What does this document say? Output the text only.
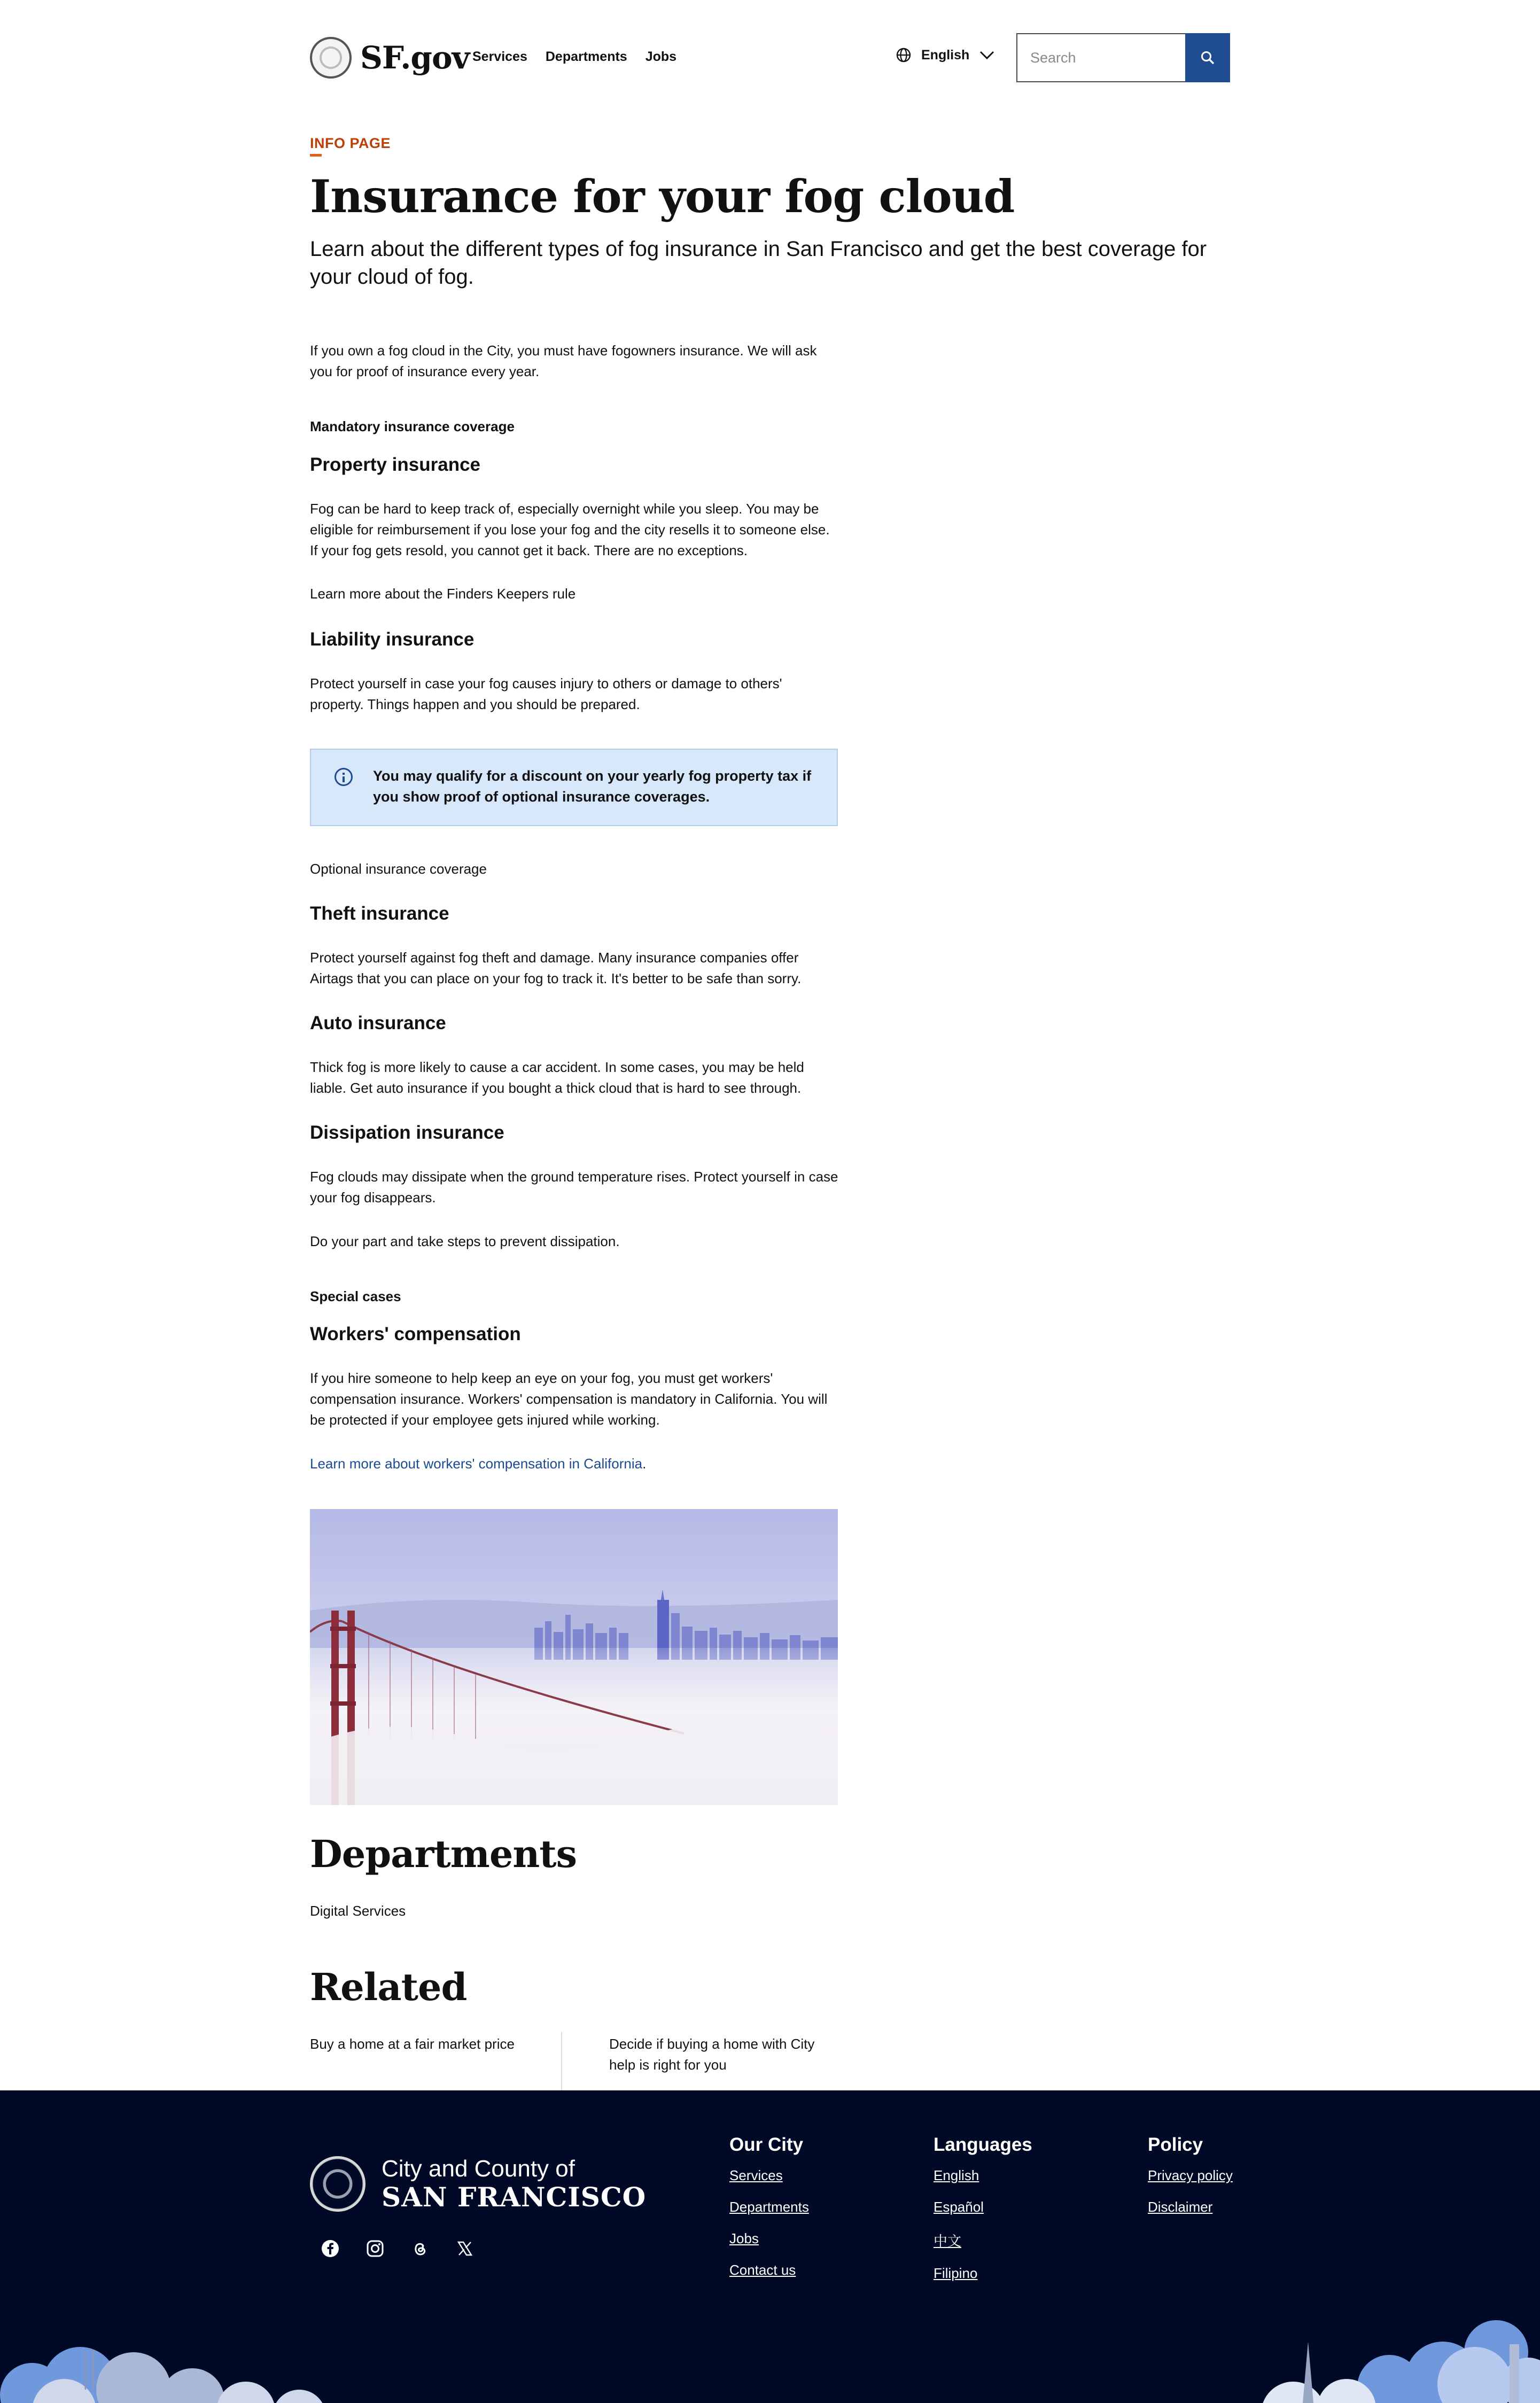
SF.gov Services Departments Jobs	English
Search
INFO PAGE
Insurance for your fog cloud

Learn about the different types of fog insurance in San Francisco and get the best coverage for your cloud of fog.

If you own a fog cloud in the City, you must have fogowners insurance. We will ask you for proof of insurance every year.

Mandatory insurance coverage
Property insurance

Fog can be hard to keep track of, especially overnight while you sleep. You may be eligible for reimbursement if you lose your fog and the city resells it to someone else. If your fog gets resold, you cannot get it back. There are no exceptions.

Learn more about the Finders Keepers rule

Liability insurance

Protect yourself in case your fog causes injury to others or damage to others' property. Things happen and you should be prepared.

You may qualify for a discount on your yearly fog property tax if you show proof of optional insurance coverages.

Optional insurance coverage

Theft insurance

Protect yourself against fog theft and damage. Many insurance companies offer Airtags that you can place on your fog to track it. It's better to be safe than sorry.

Auto insurance

Thick fog is more likely to cause a car accident. In some cases, you may be held liable. Get auto insurance if you bought a thick cloud that is hard to see through.

Dissipation insurance

Fog clouds may dissipate when the ground temperature rises. Protect yourself in case your fog disappears.

Do your part and take steps to prevent dissipation.

Special cases
Workers' compensation

If you hire someone to help keep an eye on your fog, you must get workers' compensation insurance. Workers' compensation is mandatory in California. You will be protected if your employee gets injured while working.

Learn more about workers' compensation in California.

Departments
Digital Services
Related
Buy a home at a fair market price	Decide if buying a home with City help is right for you
City and County of
SAN FRANCISCO
Our City
Services
Departments
Jobs
Contact us
Languages
English
Español
中文
Filipino
Policy
Privacy policy
Disclaimer
